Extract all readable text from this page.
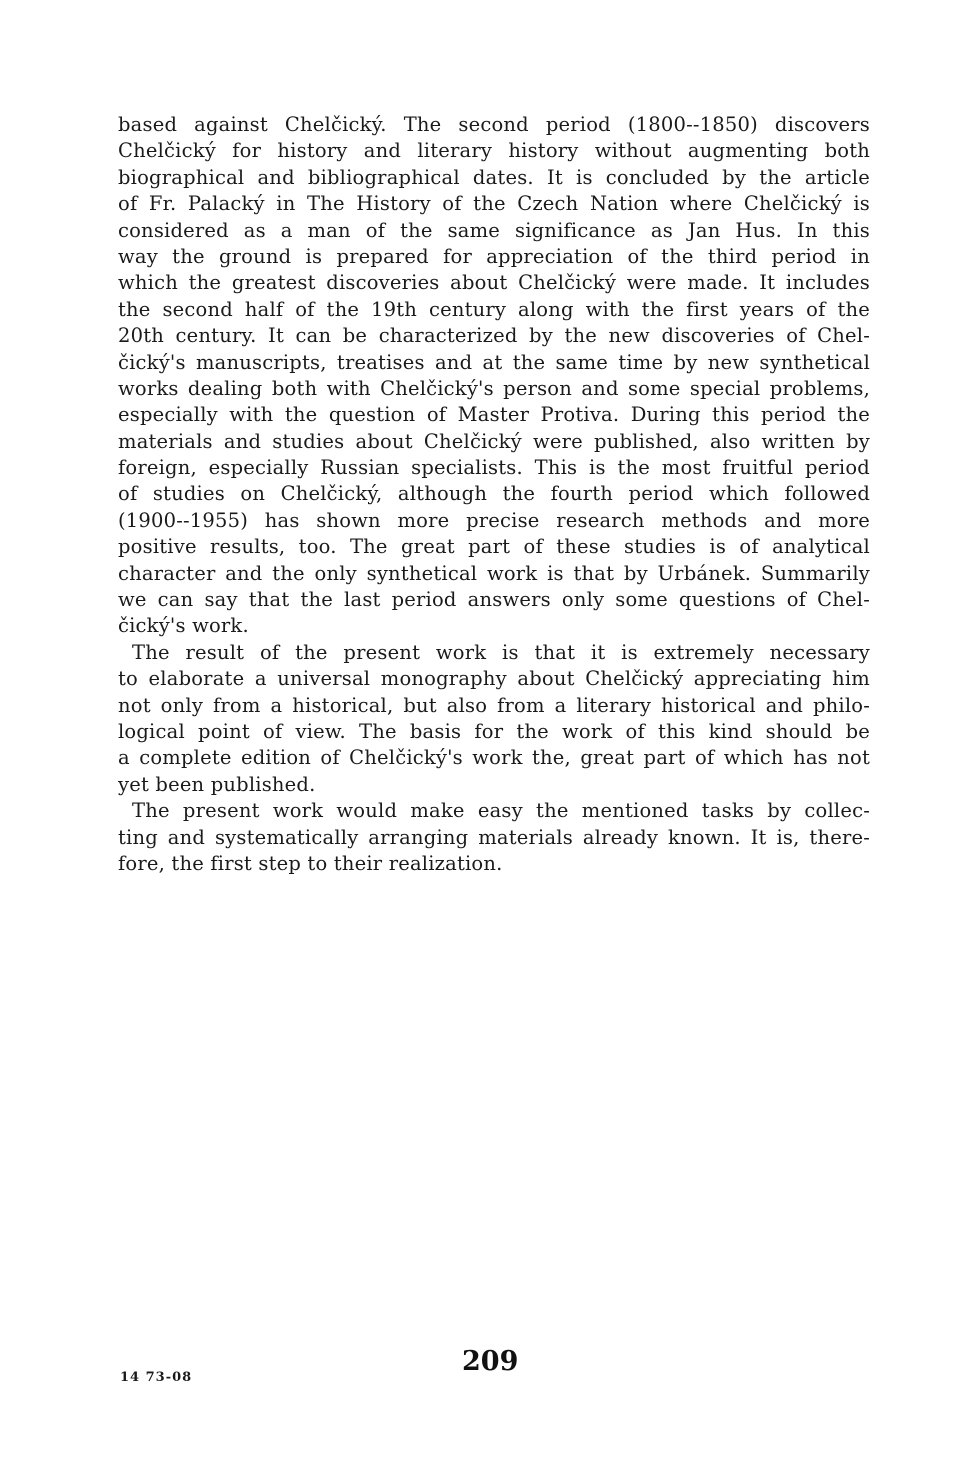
based against Chelčický. The second period (1800--1850) discovers
Chelčický for history and literary history without augmenting both
biographical and bibliographical dates. It is concluded by the article
of Fr. Palacký in The History of the Czech Nation where Chelčický is
considered as a man of the same significance as Jan Hus. In this
way the ground is prepared for appreciation of the third period in
which the greatest discoveries about Chelčický were made. It includes
the second half of the 19th century along with the first years of the
20th century. It can be characterized by the new discoveries of Chel-
čický's manuscripts, treatises and at the same time by new synthetical
works dealing both with Chelčický's person and some special problems,
especially with the question of Master Protiva. During this period the
materials and studies about Chelčický were published, also written by
foreign, especially Russian specialists. This is the most fruitful period
of studies on Chelčický, although the fourth period which followed
(1900--1955) has shown more precise research methods and more
positive results, too. The great part of these studies is of analytical
character and the only synthetical work is that by Urbánek. Summarily
we can say that the last period answers only some questions of Chel-
čický's work.
The result of the present work is that it is extremely necessary
to elaborate a universal monography about Chelčický appreciating him
not only from a historical, but also from a literary historical and philo-
logical point of view. The basis for the work of this kind should be
a complete edition of Chelčický's work the, great part of which has not
yet been published.
The present work would make easy the mentioned tasks by collec-
ting and systematically arranging materials already known. It is, there-
fore, the first step to their realization.
14 73-08
209
